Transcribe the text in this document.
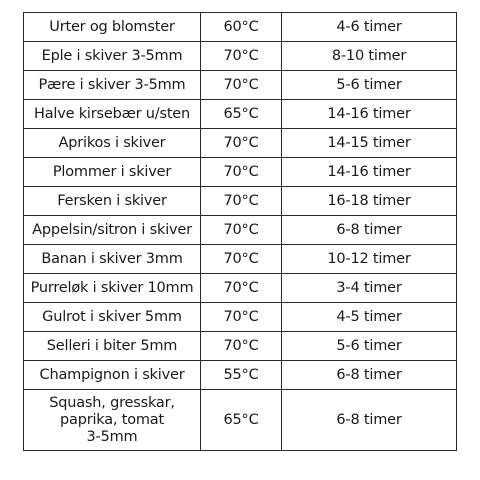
Urter og blomster	60°C	4-6 timer
Eple i skiver 3-5mm	70°C	8-10 timer
Pære i skiver 3-5mm	70°C	5-6 timer
Halve kirsebær u/sten	65°C	14-16 timer
Aprikos i skiver	70°C	14-15 timer
Plommer i skiver	70°C	14-16 timer
Fersken i skiver	70°C	16-18 timer
Appelsin/sitron i skiver	70°C	6-8 timer
Banan i skiver 3mm	70°C	10-12 timer
Purreløk i skiver 10mm	70°C	3-4 timer
Gulrot i skiver 5mm	70°C	4-5 timer
Selleri i biter 5mm	70°C	5-6 timer
Champignon i skiver	55°C	6-8 timer

Squash, gresskar,
paprika, tomat
3-5mm	65°C	6-8 timer
